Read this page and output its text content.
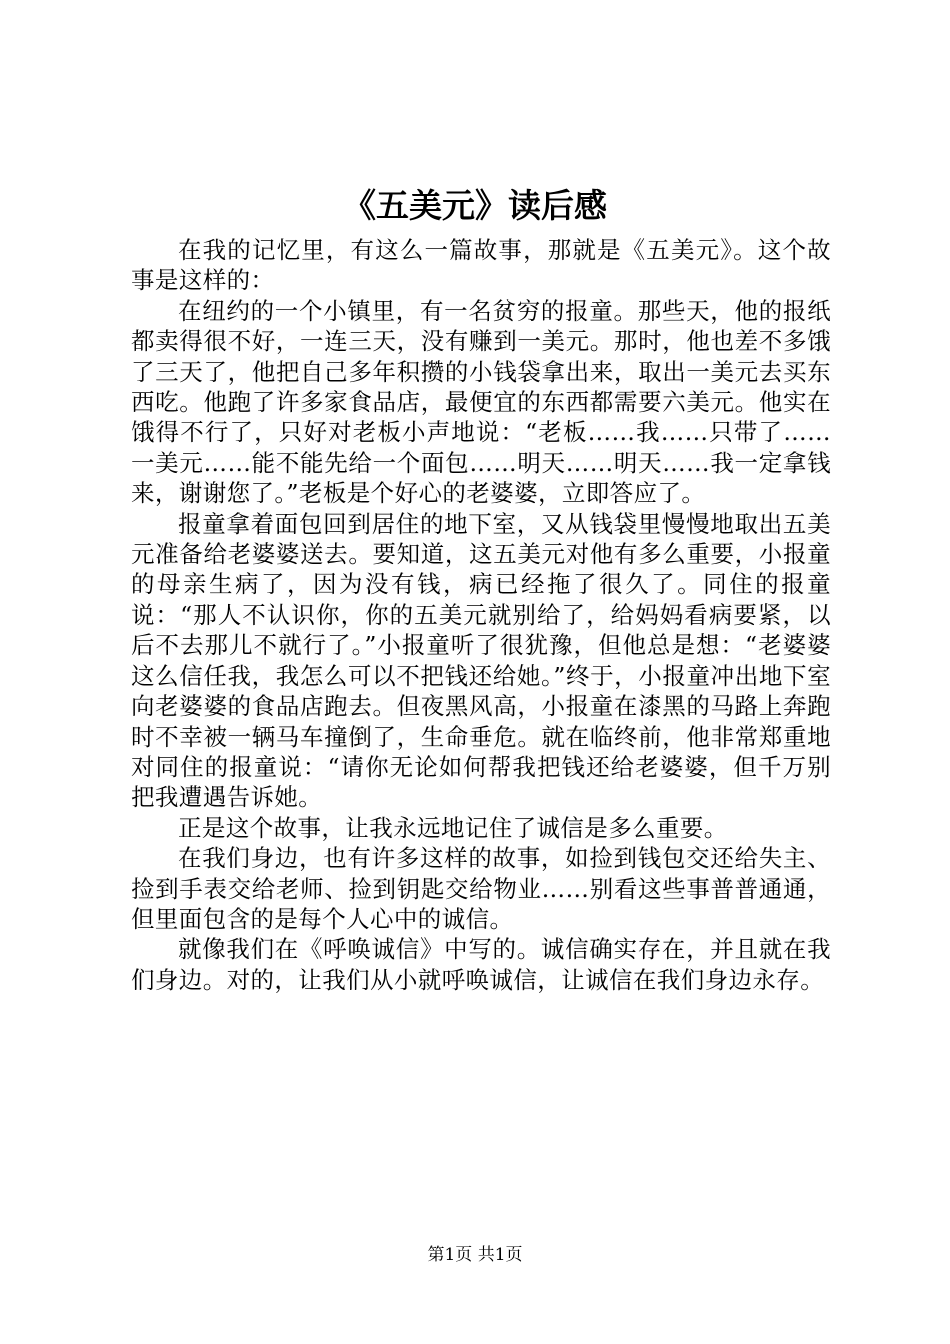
《五美元》读后感

在我的记忆里，有这么一篇故事，那就是《五美元》。这个故事是这样的：

在纽约的一个小镇里，有一名贫穷的报童。那些天，他的报纸都卖得很不好，一连三天，没有赚到一美元。那时，他也差不多饿了三天了，他把自己多年积攒的小钱袋拿出来，取出一美元去买东西吃。他跑了许多家食品店，最便宜的东西都需要六美元。他实在饿得不行了，只好对老板小声地说：“老板……我……只带了……一美元……能不能先给一个面包……明天……明天……我一定拿钱来，谢谢您了。”老板是个好心的老婆婆，立即答应了。

报童拿着面包回到居住的地下室，又从钱袋里慢慢地取出五美元准备给老婆婆送去。要知道，这五美元对他有多么重要，小报童的母亲生病了，因为没有钱，病已经拖了很久了。同住的报童说：“那人不认识你，你的五美元就别给了，给妈妈看病要紧，以后不去那儿不就行了。”小报童听了很犹豫，但他总是想：“老婆婆这么信任我，我怎么可以不把钱还给她。”终于，小报童冲出地下室向老婆婆的食品店跑去。但夜黑风高，小报童在漆黑的马路上奔跑时不幸被一辆马车撞倒了，生命垂危。就在临终前，他非常郑重地对同住的报童说：“请你无论如何帮我把钱还给老婆婆，但千万别把我遭遇告诉她。

正是这个故事，让我永远地记住了诚信是多么重要。

在我们身边，也有许多这样的故事，如捡到钱包交还给失主、捡到手表交给老师、捡到钥匙交给物业……别看这些事普普通通，但里面包含的是每个人心中的诚信。

就像我们在《呼唤诚信》中写的。诚信确实存在，并且就在我们身边。对的，让我们从小就呼唤诚信，让诚信在我们身边永存。

第1页 共1页
